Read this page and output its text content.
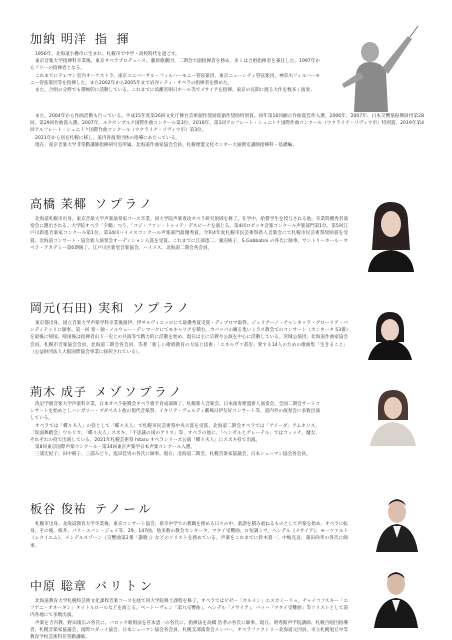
加納 明洋 指 揮

1956年、北海道小樽市に生まれ、札幌市で中学・高校時代を過ごす。

東京音楽大学指揮科卒業後、東京オペラプロデュース、藤原歌劇団、二期会で副指揮者を務め、多くは合唱指揮者を兼任した。1997年からフリーの指揮者となる。

これまでにテレマン室内オーケストラ、東京ユニバーサル・フィルハーモニー管弦楽団、東京ニューシティ管弦楽団、神奈川フィルハーモニー管弦楽団等を指揮した。また2002年から2005年まで岩谷シティ・オペラの指揮者を務めた。

また、合唱の分野でも積極的に活動している。これまでに浜離宮朝日ホール等でメサイアを指揮、東京の長期に渡る大作を数多く演奏。

また、2004年から作曲活動も行っている。平成15年度第26回文化庁舞台芸術創作奨励賞創作奨励特別賞。同年第16回顕示作曲賞佳作入選、2006年、2007年、日本交響楽振興財団第28回、第29回作曲賞入選。2007年、ルクセンブルク国際作曲コンクール第3位、2016年、第1回アルフレート・シュニトケ国際作曲コンクール（ウクライナ・リヴィウ市）特別賞、2019年第4回アルフレート・シュニトケ国際作曲コンクール（ウクライナ・リヴィウ市）第3位。

2021年から居を札幌に移し、道内各演奏団体の指導にあたっている。

現在、東京音楽大学非常勤講師指揮研究室所属。北海道作曲家協会会員、札幌連盟文化センター大通教室講師指揮科・基礎編。

高橋 茉椰 ソプラノ

北海道札幌市出身。東京音楽大学声楽演奏家コース卒業。同大学院声楽専攻オペラ研究領域を修了。在学中、給費学生を授与される他、卒業時優秀者演奏会に選出される。大学院オペラ「夕鶴」つう、「コジ・ファン・トゥッテ」デスピーナを演じる。第4回ロゼッタ音楽コンクール声楽部門第1位、第5回江戸川新進音楽家コンクール第1位、第34回ハイメスコンクール声楽部門最優秀賞。令和4年度札幌市民芸術祭新人音楽会にて札幌市民芸術祭奨励賞を受賞。北海道コンサート・協会新人演奏会オーディション入賞を受賞。これまでに江部恵二、蓼沼純子、S.Gabbatini の各氏に師事。サントリーホール・オペラ・アカデミー第6期修了。江戸川区新堂音楽協会、ハイメス、北海道二期会各会員。

岡元(石田) 実和 ソプラノ

東京都出身。国立音楽大学声楽学科卒業後渡伊、伊オルヴィエッロにて最優秀賞受賞・ディプロマ取得。ジュリアーノ・チャンネッラ・グローリア・バンディテッリに師事。第一回 奏・独・ノルウェー・デンマークにてモキャリアを積む。カバッバの観る集いミラス教会でのコンサート（カンタータ 53番）を最後に帰国。帰国後は指揮者山下一史との共演等で精力的に活動を始め、現在は主に宗教や公演を中心に活動している。宮城公演団、北海道作曲家協会会員。札幌市音楽協会会員、北海道二期会各会員、等著「新しい歌唱教育の方法と技術」「エネルヴァ書房」愛する14人のための歌曲集「生きること」（公益財団法人大阪国際協会事業に採択されている）。

荊木 成子 メゾソプラノ

洗足学園音楽大学声楽科卒業、日本オペラ振興会オペラ歌手育成部修了。札幌新人音楽会、日本演奏連盟新人演奏会、全国二期会サートコンサートを始めとしハンガリー・ブダペスト他の現代音楽祭、イタリア・ヴェルディ劇場日伊友好コンサート等、道内外の演奏会に多数出演している。

オペラでは「蝶々夫人」の役として「蝶々夫人」で札幌市民芸術祭中央大賞を受賞、北海道二期会オペラでは「アイーダ」アムネリス、「仮面舞踏会」ウルリカ、「蝶々夫人」スズキ、「不思議の国のアリス」等、オペラの他に、「ヘンゼルとグレーテル」ではウィッチ、魔女、それぞれの役で出演している。2021年札幌芸術祭 hitaru オペラシリーズ公演「蝶々夫人」にスズキ役で出演。

第8回東京国際声楽コンクール・第34回東京声楽学日本声楽コンクール入選。

三浦宏紀子、田中朝子、三浦みどり、塩田佳男の各氏に師事。現在、北海道二期会、札幌音楽家協議会、日本シューマン協会各会員。

板谷 俊祐 テノール

札幌市出身。北海道教育大学卒業後、東京コンサート協会、新卒中学での教職を務める日々の中、楽譜を積み重ねるものとして声楽を始め、オペラに転身。その後、桜井、パリ・エバン・ジェリ等、29、147曲、他多数の教会カンタータ、マタイ受難曲、ロ短調ミサ、ヘンデル《メサイア》、モーツァルト《レクイエム》、メンデルスゾーン《交響曲第2番「讃歌」》などのソリストを務めている。声楽をこれまでに鈴木寛一、中嶋克彦、蒲田尚孝の各氏に師事。

中原 聡章 バリトン

北海道教育大学札幌校芸術文化課程音楽コースを経て同大学院修士課程を修了。オペラではビゼー「カルメン」エスカミーリョ、チャイコフスキー「エフゲニ・オネーギン」タイトルロールなどを演じる。ベートーヴェン「第九交響曲」、ヘンデル「メサイア」、バッハ「マタイ受難曲」等ソリストとして道内各地にて多数出演。

声楽を吉内教、野田康広の各氏に、バロック歌唱法を宮本恵一の各氏に、指揮法を高橋 浩孝の各氏に師事。現在、明秀館声学院講師、札幌合唱団指導者、札幌音楽家協議会、国際コダーイ協会、日本シューマン協会各会員、札幌支部演奏会メンバー。オペラファクトリー北海道元団員、市立札幌旭丘中等教育学校芸術科非常勤講師。
